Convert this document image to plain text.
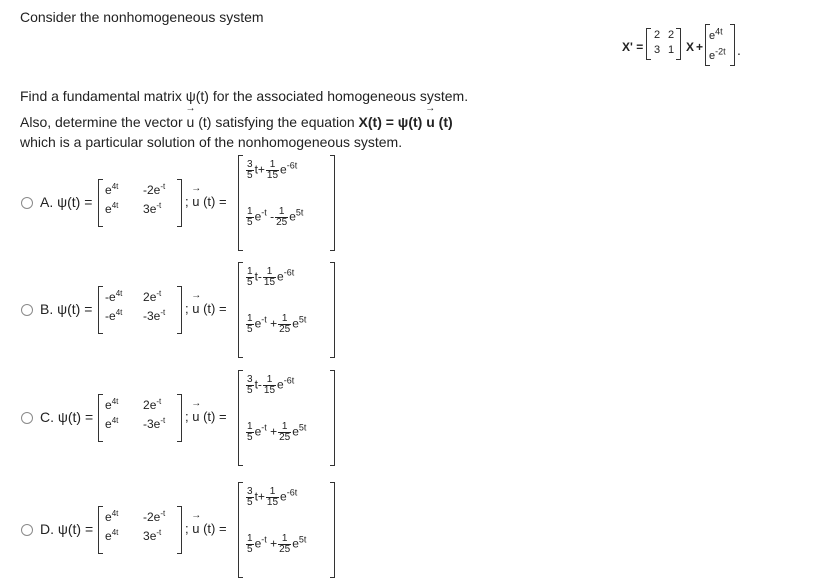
Consider the nonhomogeneous system
X' =
2 2
3 1 X +
$e^{4t}$
$e^{-2t}$ .
Find a fundamental matrix ψ(t) for the associated homogeneous system.
Also, determine the vector → u (t) satisfying the equation X(t) = ψ(t) → u (t)
which is a particular solution of the nonhomogeneous system.
A. ψ(t) =
$e^{4t}$ $-2e^{-t}$
$e^{4t}$ $3e^{-t}$ ; → u (t) =
$\frac{3}{5} t+ \frac{1}{15} e^{-6t}$
$\frac{1}{5} e^{-t} - \frac{1}{25} e^{5t}$
B. ψ(t) =
$-e^{4t}$ $2e^{-t}$
$-e^{4t}$ $-3e^{-t}$ ; → u (t) =
$\frac{1}{5} t- \frac{1}{15} e^{-6t}$
$\frac{1}{5} e^{-t} + \frac{1}{25} e^{5t}$
C. ψ(t) =
$e^{4t}$ $2e^{-t}$
$e^{4t}$ $-3e^{-t}$ ; → u (t) =
$\frac{3}{5} t- \frac{1}{15} e^{-6t}$
$\frac{1}{5} e^{-t} + \frac{1}{25} e^{5t}$
D. ψ(t) =
$e^{4t}$ $-2e^{-t}$
$e^{4t}$ $3e^{-t}$ ; → u (t) =
$\frac{3}{5} t+ \frac{1}{15} e^{-6t}$
$\frac{1}{5} e^{-t} + \frac{1}{25} e^{5t}$
